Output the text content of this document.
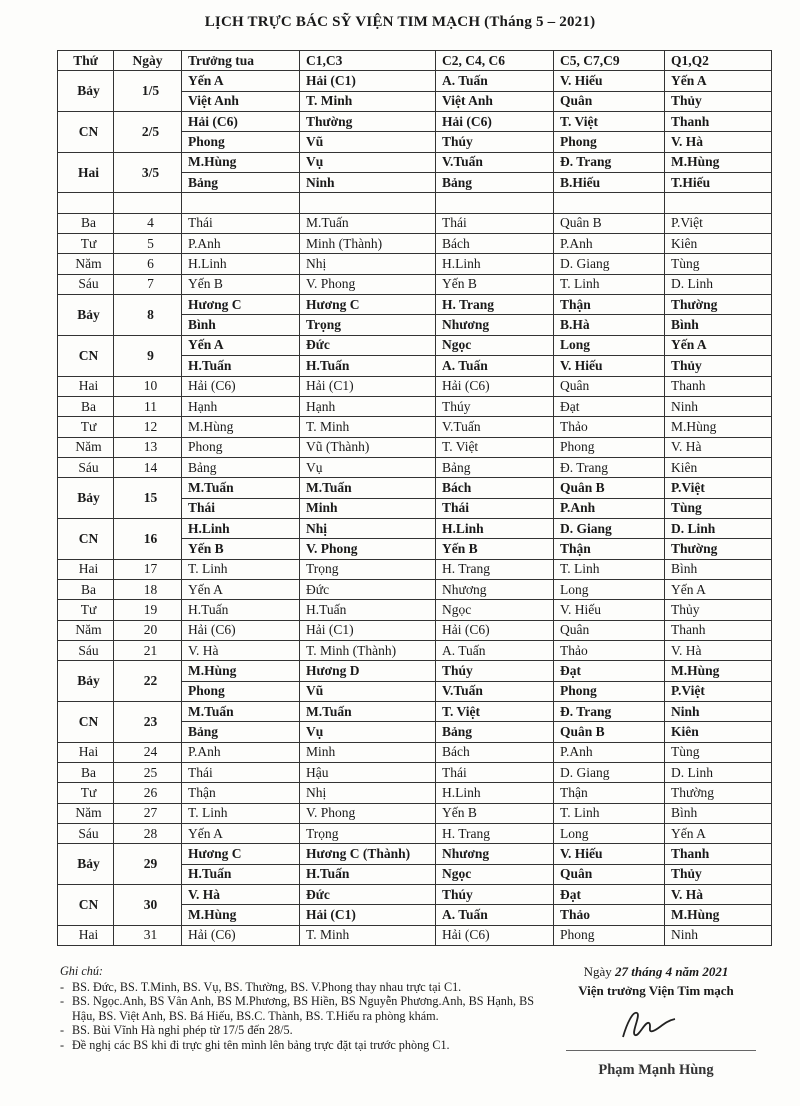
LỊCH TRỰC BÁC SỸ VIỆN TIM MẠCH (Tháng 5 – 2021)
Thứ	Ngày	Trưởng tua	C1,C3	C2, C4, C6	C5, C7,C9	Q1,Q2
Bảy	1/5	Yến A	Hải (C1)	A. Tuấn	V. Hiếu	Yến A
		Việt Anh	T. Minh	Việt Anh	Quân	Thủy
CN	2/5	Hải (C6)	Thường	Hải (C6)	T. Việt	Thanh
		Phong	Vũ	Thúy	Phong	V. Hà
Hai	3/5	M.Hùng	Vụ	V.Tuấn	Đ. Trang	M.Hùng
		Bảng	Ninh	Bảng	B.Hiếu	T.Hiếu

Ba	4	Thái	M.Tuấn	Thái	Quân B	P.Việt
Tư	5	P.Anh	Minh (Thành)	Bách	P.Anh	Kiên
Năm	6	H.Linh	Nhị	H.Linh	D. Giang	Tùng
Sáu	7	Yến B	V. Phong	Yến B	T. Linh	D. Linh
Bảy	8	Hương C	Hương C	H. Trang	Thận	Thường
		Bình	Trọng	Nhương	B.Hà	Bình
CN	9	Yến A	Đức	Ngọc	Long	Yến A
		H.Tuấn	H.Tuấn	A. Tuấn	V. Hiếu	Thủy
Hai	10	Hải (C6)	Hải (C1)	Hải (C6)	Quân	Thanh
Ba	11	Hạnh	Hạnh	Thúy	Đạt	Ninh
Tư	12	M.Hùng	T. Minh	V.Tuấn	Thảo	M.Hùng
Năm	13	Phong	Vũ (Thành)	T. Việt	Phong	V. Hà
Sáu	14	Bảng	Vụ	Bảng	Đ. Trang	Kiên
Bảy	15	M.Tuấn	M.Tuấn	Bách	Quân B	P.Việt
		Thái	Minh	Thái	P.Anh	Tùng
CN	16	H.Linh	Nhị	H.Linh	D. Giang	D. Linh
		Yến B	V. Phong	Yến B	Thận	Thường
Hai	17	T. Linh	Trọng	H. Trang	T. Linh	Bình
Ba	18	Yến A	Đức	Nhương	Long	Yến A
Tư	19	H.Tuấn	H.Tuấn	Ngọc	V. Hiếu	Thủy
Năm	20	Hải (C6)	Hải (C1)	Hải (C6)	Quân	Thanh
Sáu	21	V. Hà	T. Minh (Thành)	A. Tuấn	Thảo	V. Hà
Bảy	22	M.Hùng	Hương D	Thúy	Đạt	M.Hùng
		Phong	Vũ	V.Tuấn	Phong	P.Việt
CN	23	M.Tuấn	M.Tuấn	T. Việt	Đ. Trang	Ninh
		Bảng	Vụ	Bảng	Quân B	Kiên
Hai	24	P.Anh	Minh	Bách	P.Anh	Tùng
Ba	25	Thái	Hậu	Thái	D. Giang	D. Linh
Tư	26	Thận	Nhị	H.Linh	Thận	Thường
Năm	27	T. Linh	V. Phong	Yến B	T. Linh	Bình
Sáu	28	Yến A	Trọng	H. Trang	Long	Yến A
Bảy	29	Hương C	Hương C (Thành)	Nhương	V. Hiếu	Thanh
		H.Tuấn	H.Tuấn	Ngọc	Quân	Thủy
CN	30	V. Hà	Đức	Thúy	Đạt	V. Hà
		M.Hùng	Hải (C1)	A. Tuấn	Thảo	M.Hùng
Hai	31	Hải (C6)	T. Minh	Hải (C6)	Phong	Ninh
Ghi chú:
- BS. Đức, BS. T.Minh, BS. Vụ, BS. Thường, BS. V.Phong thay nhau trực tại C1.
- BS. Ngọc.Anh, BS Vân Anh, BS M.Phương, BS Hiền, BS Nguyễn Phương.Anh, BS Hạnh, BS Hậu, BS. Việt Anh, BS. Bá Hiếu, BS.C. Thành, BS. T.Hiếu ra phòng khám.
- BS. Bùi Vĩnh Hà nghỉ phép từ 17/5 đến 28/5.
- Đề nghị các BS khi đi trực ghi tên mình lên bảng trực đặt tại trước phòng C1.
Ngày 27 tháng 4 năm 2021
Viện trưởng Viện Tim mạch
Phạm Mạnh Hùng
